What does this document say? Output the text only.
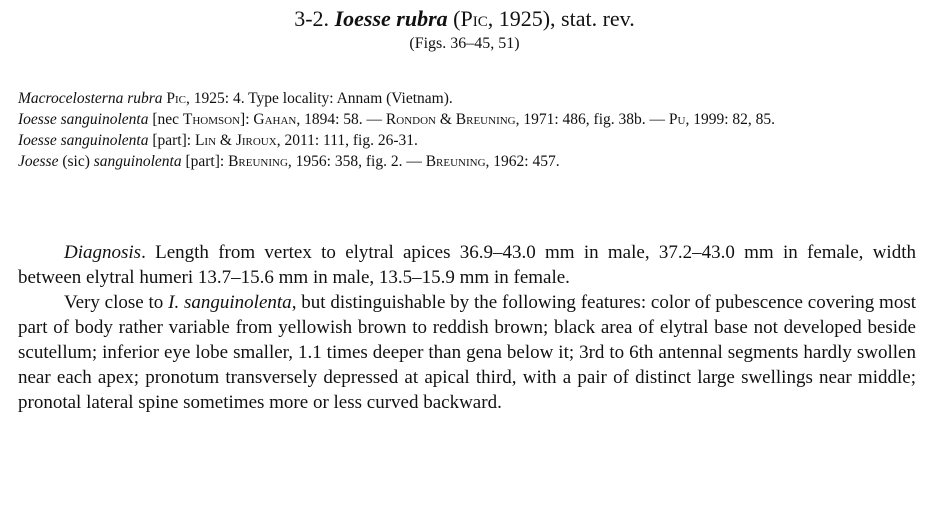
3-2. Ioesse rubra (Pic, 1925), stat. rev.
(Figs. 36–45, 51)

Macrocelosterna rubra Pic, 1925: 4. Type locality: Annam (Vietnam).

Ioesse sanguinolenta [nec Thomson]: Gahan, 1894: 58. — Rondon & Breuning, 1971: 486, fig. 38b. — Pu, 1999: 82, 85.

Ioesse sanguinolenta [part]: Lin & Jiroux, 2011: 111, fig. 26-31.

Joesse (sic) sanguinolenta [part]: Breuning, 1956: 358, fig. 2. — Breuning, 1962: 457.

Diagnosis. Length from vertex to elytral apices 36.9–43.0 mm in male, 37.2–43.0 mm in female, width between elytral humeri 13.7–15.6 mm in male, 13.5–15.9 mm in female.

Very close to I. sanguinolenta, but distinguishable by the following features: color of pubescence covering most part of body rather variable from yellowish brown to reddish brown; black area of elytral base not developed beside scutellum; inferior eye lobe smaller, 1.1 times deeper than gena below it; 3rd to 6th antennal segments hardly swollen near each apex; pronotum transversely depressed at apical third, with a pair of distinct large swellings near middle; pronotal lateral spine sometimes more or less curved backward.
